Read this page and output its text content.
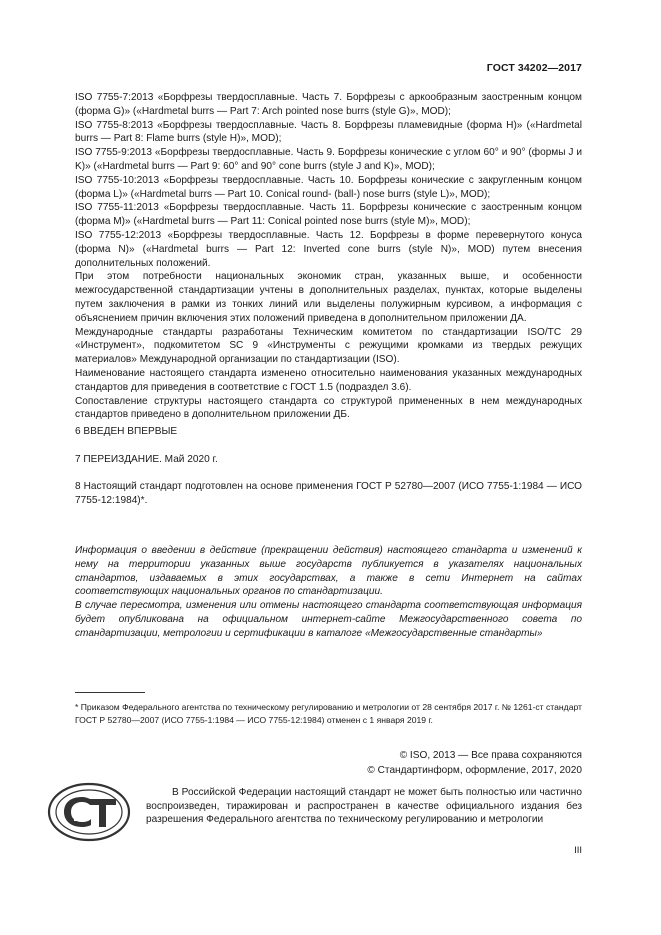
ГОСТ 34202—2017

ISO 7755-7:2013 «Борфрезы твердосплавные. Часть 7. Борфрезы с аркообразным заостренным концом (форма G)» («Hardmetal burrs — Part 7: Arch pointed nose burrs (style G)», MOD);

ISO 7755-8:2013 «Борфрезы твердосплавные. Часть 8. Борфрезы пламевидные (форма H)» («Hardmetal burrs — Part 8: Flame burrs (style H)», MOD);

ISO 7755-9:2013 «Борфрезы твердосплавные. Часть 9. Борфрезы конические с углом 60° и 90° (формы J и K)» («Hardmetal burrs — Part 9: 60° and 90° cone burrs (style J and K)», MOD);

ISO 7755-10:2013 «Борфрезы твердосплавные. Часть 10. Борфрезы конические с закругленным концом (форма L)» («Hardmetal burrs — Part 10. Conical round- (ball-) nose burrs (style L)», MOD);

ISO 7755-11:2013 «Борфрезы твердосплавные. Часть 11. Борфрезы конические с заостренным концом (форма M)» («Hardmetal burrs — Part 11: Conical pointed nose burrs (style M)», MOD);

ISO 7755-12:2013 «Борфрезы твердосплавные. Часть 12. Борфрезы в форме перевернутого конуса (форма N)» («Hardmetal burrs — Part 12: Inverted cone burrs (style N)», MOD) путем внесения дополнительных положений.

При этом потребности национальных экономик стран, указанных выше, и особенности межгосударственной стандартизации учтены в дополнительных разделах, пунктах, которые выделены путем заключения в рамки из тонких линий или выделены полужирным курсивом, а информация с объяснением причин включения этих положений приведена в дополнительном приложении ДА.

Международные стандарты разработаны Техническим комитетом по стандартизации ISO/TC 29 «Инструмент», подкомитетом SC 9 «Инструменты с режущими кромками из твердых режущих материалов» Международной организации по стандартизации (ISO).

Наименование настоящего стандарта изменено относительно наименования указанных международных стандартов для приведения в соответствие с ГОСТ 1.5 (подраздел 3.6).

Сопоставление структуры настоящего стандарта со структурой примененных в нем международных стандартов приведено в дополнительном приложении ДБ.

6 ВВЕДЕН ВПЕРВЫЕ
7 ПЕРЕИЗДАНИЕ. Май 2020 г.
8 Настоящий стандарт подготовлен на основе применения ГОСТ Р 52780—2007 (ИСО 7755-1:1984 — ИСО 7755-12:1984)*.

Информация о введении в действие (прекращении действия) настоящего стандарта и изменений к нему на территории указанных выше государств публикуется в указателях национальных стандартов, издаваемых в этих государствах, а также в сети Интернет на сайтах соответствующих национальных органов по стандартизации.

В случае пересмотра, изменения или отмены настоящего стандарта соответствующая информация будет опубликована на официальном интернет-сайте Межгосударственного совета по стандартизации, метрологии и сертификации в каталоге «Межгосударственные стандарты»

* Приказом Федерального агентства по техническому регулированию и метрологии от 28 сентября 2017 г. № 1261-ст стандарт ГОСТ Р 52780—2007 (ИСО 7755-1:1984 — ИСО 7755-12:1984) отменен с 1 января 2019 г.
© ISO, 2013 — Все права сохраняются
© Стандартинформ, оформление, 2017, 2020

В Российской Федерации настоящий стандарт не может быть полностью или частично воспроизведен, тиражирован и распространен в качестве официального издания без разрешения Федерального агентства по техническому регулированию и метрологии

III
